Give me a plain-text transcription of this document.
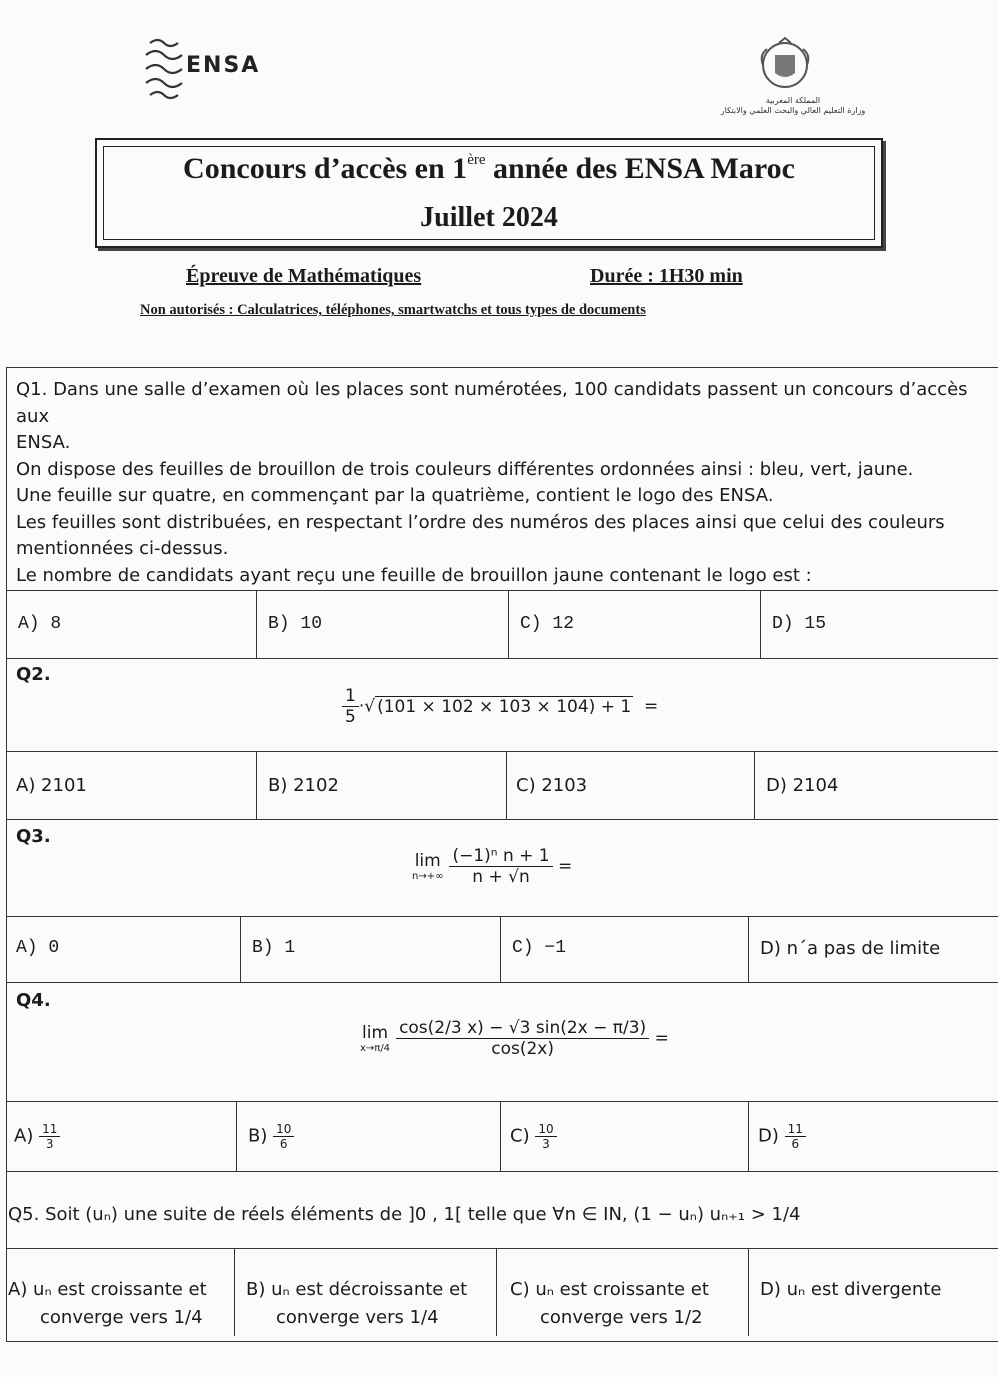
ENSA
المملكة المغربية
وزارة التعليم العالي والبحث العلمي والابتكار
Concours d’accès en 1ère année des ENSA Maroc
Juillet 2024
Épreuve de Mathématiques	Durée : 1H30 min
Non autorisés : Calculatrices, téléphones, smartwatchs et tous types de documents
Q1. Dans une salle d’examen où les places sont numérotées, 100 candidats passent un concours d’accès aux
ENSA.
On dispose des feuilles de brouillon de trois couleurs différentes ordonnées ainsi : bleu, vert, jaune.
Une feuille sur quatre, en commençant par la quatrième, contient le logo des ENSA.
Les feuilles sont distribuées, en respectant l’ordre des numéros des places ainsi que celui des couleurs
mentionnées ci-dessus.
Le nombre de candidats ayant reçu une feuille de brouillon jaune contenant le logo est :
A) 8	B) 10	C) 12	D) 15
Q2.
$\frac{1}{5}$ ·√ (101 × 102 × 103 × 104) + 1 =
A) 2101	B) 2102	C) 2103	D) 2104
Q3.
lim
$n\to+\infty \frac{\text{(−1)ⁿ n + 1}}{n + √n}$ =
A) 0	B) 1	C) −1	D) n´a pas de limite
Q4.
lim
$x\to\pi/4 \frac{\cos(2/3 x) - √3 \sin(2x - \pi/3)}{\cos(2x)}$ =
$A) \frac{11}{3}$	$B) \frac{10}{6}$	$C) \frac{10}{3}$	$D) \frac{11}{6}$
Q5. Soit (uₙ) une suite de réels éléments de ]0 , 1[ telle que ∀n ∈ IN, (1 − uₙ) uₙ₊₁ > 1/4
A) uₙ est croissante et
converge vers 1/4
B) uₙ est décroissante et
converge vers 1/4
C) uₙ est croissante et
converge vers 1/2
D) uₙ est divergente
